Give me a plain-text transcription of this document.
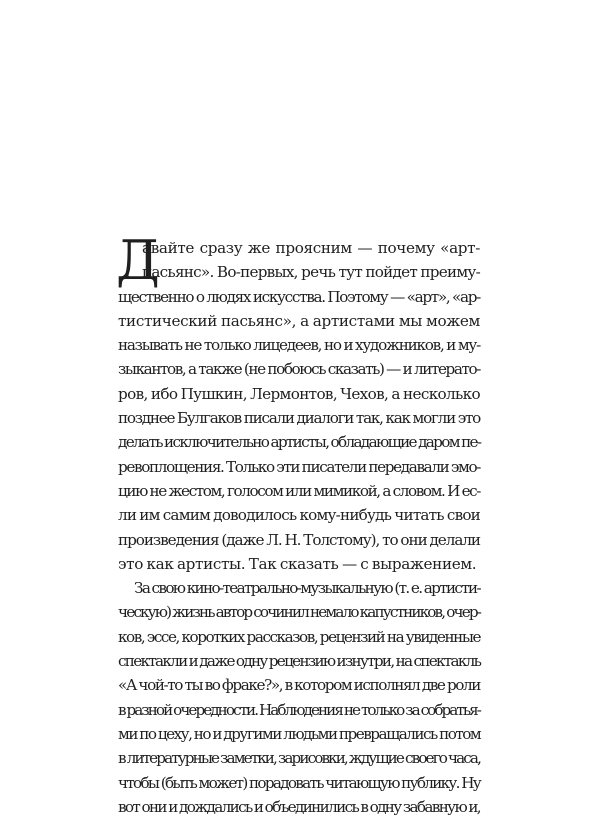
Д
авайте сразу же проясним — почему «арт-
пасьянс». Во-первых, речь тут пойдет преиму-
щественно о людях искусства. Поэтому — «арт», «ар-
тистический пасьянс», а артистами мы можем
называть не только лицедеев, но и художников, и му-
зыкантов, а также (не побоюсь сказать) — и литерато-
ров, ибо Пушкин, Лермонтов, Чехов, а несколько
позднее Булгаков писали диалоги так, как могли это
делать исключительно артисты, обладающие даром пе-
ревоплощения. Только эти писатели передавали эмо-
цию не жестом, голосом или мимикой, а словом. И ес-
ли им самим доводилось кому-нибудь читать свои
произведения (даже Л. Н. Толстому), то они делали
это как артисты. Так сказать — с выражением.
За свою кино-театрально-музыкальную (т. е. артисти-
ческую) жизнь автор сочинил немало капустников, очер-
ков, эссе, коротких рассказов, рецензий на увиденные
спектакли и даже одну рецензию изнутри, на спектакль
«А чой-то ты во фраке?», в котором исполнял две роли
в разной очередности. Наблюдения не только за собратья-
ми по цеху, но и другими людьми превращались потом
в литературные заметки, зарисовки, ждущие своего часа,
чтобы (быть может) порадовать читающую публику. Ну
вот они и дождались и объединились в одну забавную и,
